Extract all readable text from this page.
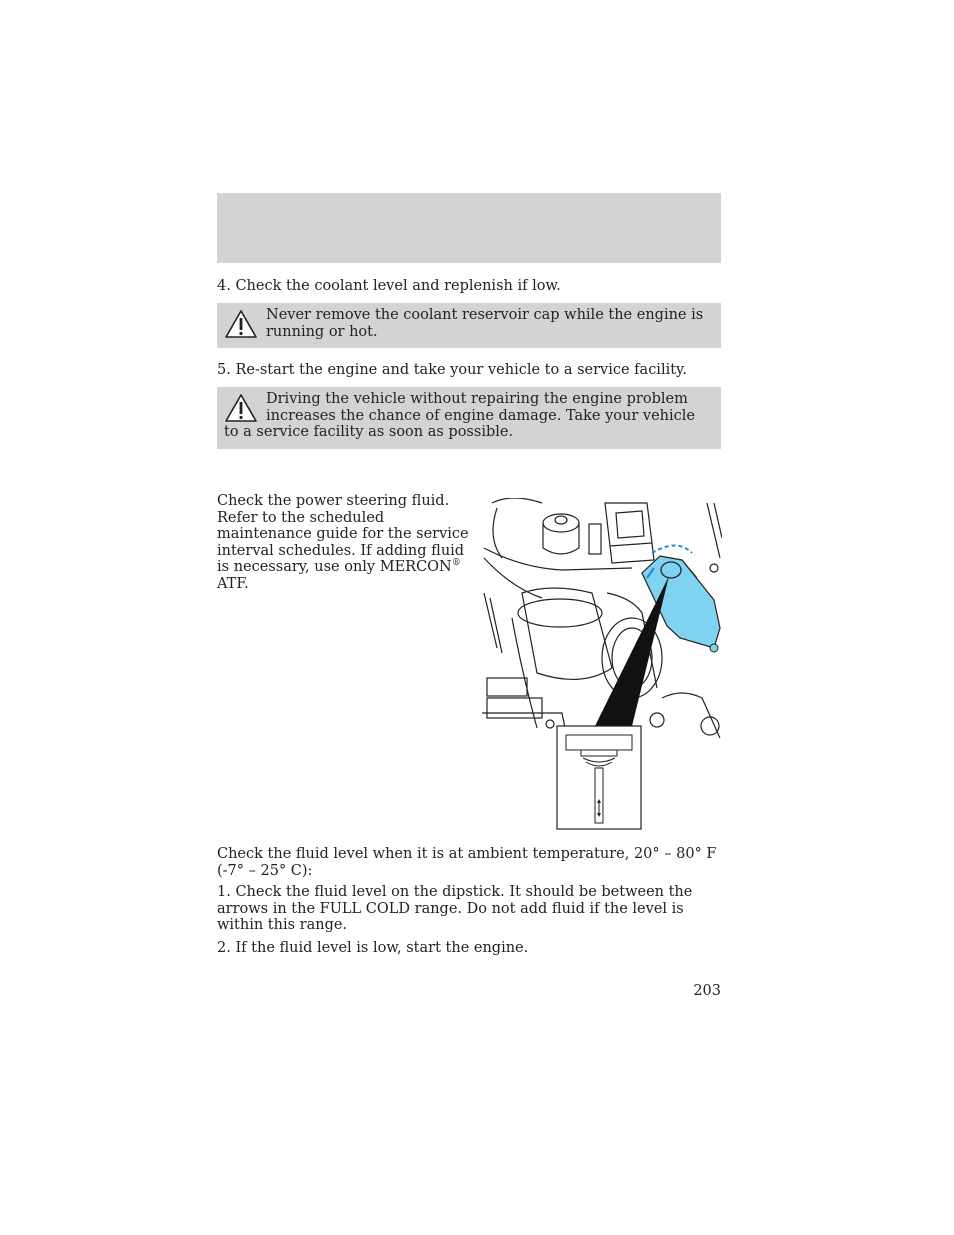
4. Check the coolant level and replenish if low.

Never remove the coolant reservoir cap while the engine is running or hot.

5. Re-start the engine and take your vehicle to a service facility.

Driving the vehicle without repairing the engine problem increases the chance of engine damage. Take your vehicle to a service facility as soon as possible.
Check the power steering fluid. Refer to the scheduled maintenance guide for the service interval schedules. If adding fluid is necessary, use only MERCON® ATF.

Check the fluid level when it is at ambient temperature, 20° – 80° F (-7° – 25° C):

1. Check the fluid level on the dipstick. It should be between the arrows in the FULL COLD range. Do not add fluid if the level is within this range.

2. If the fluid level is low, start the engine.

203
